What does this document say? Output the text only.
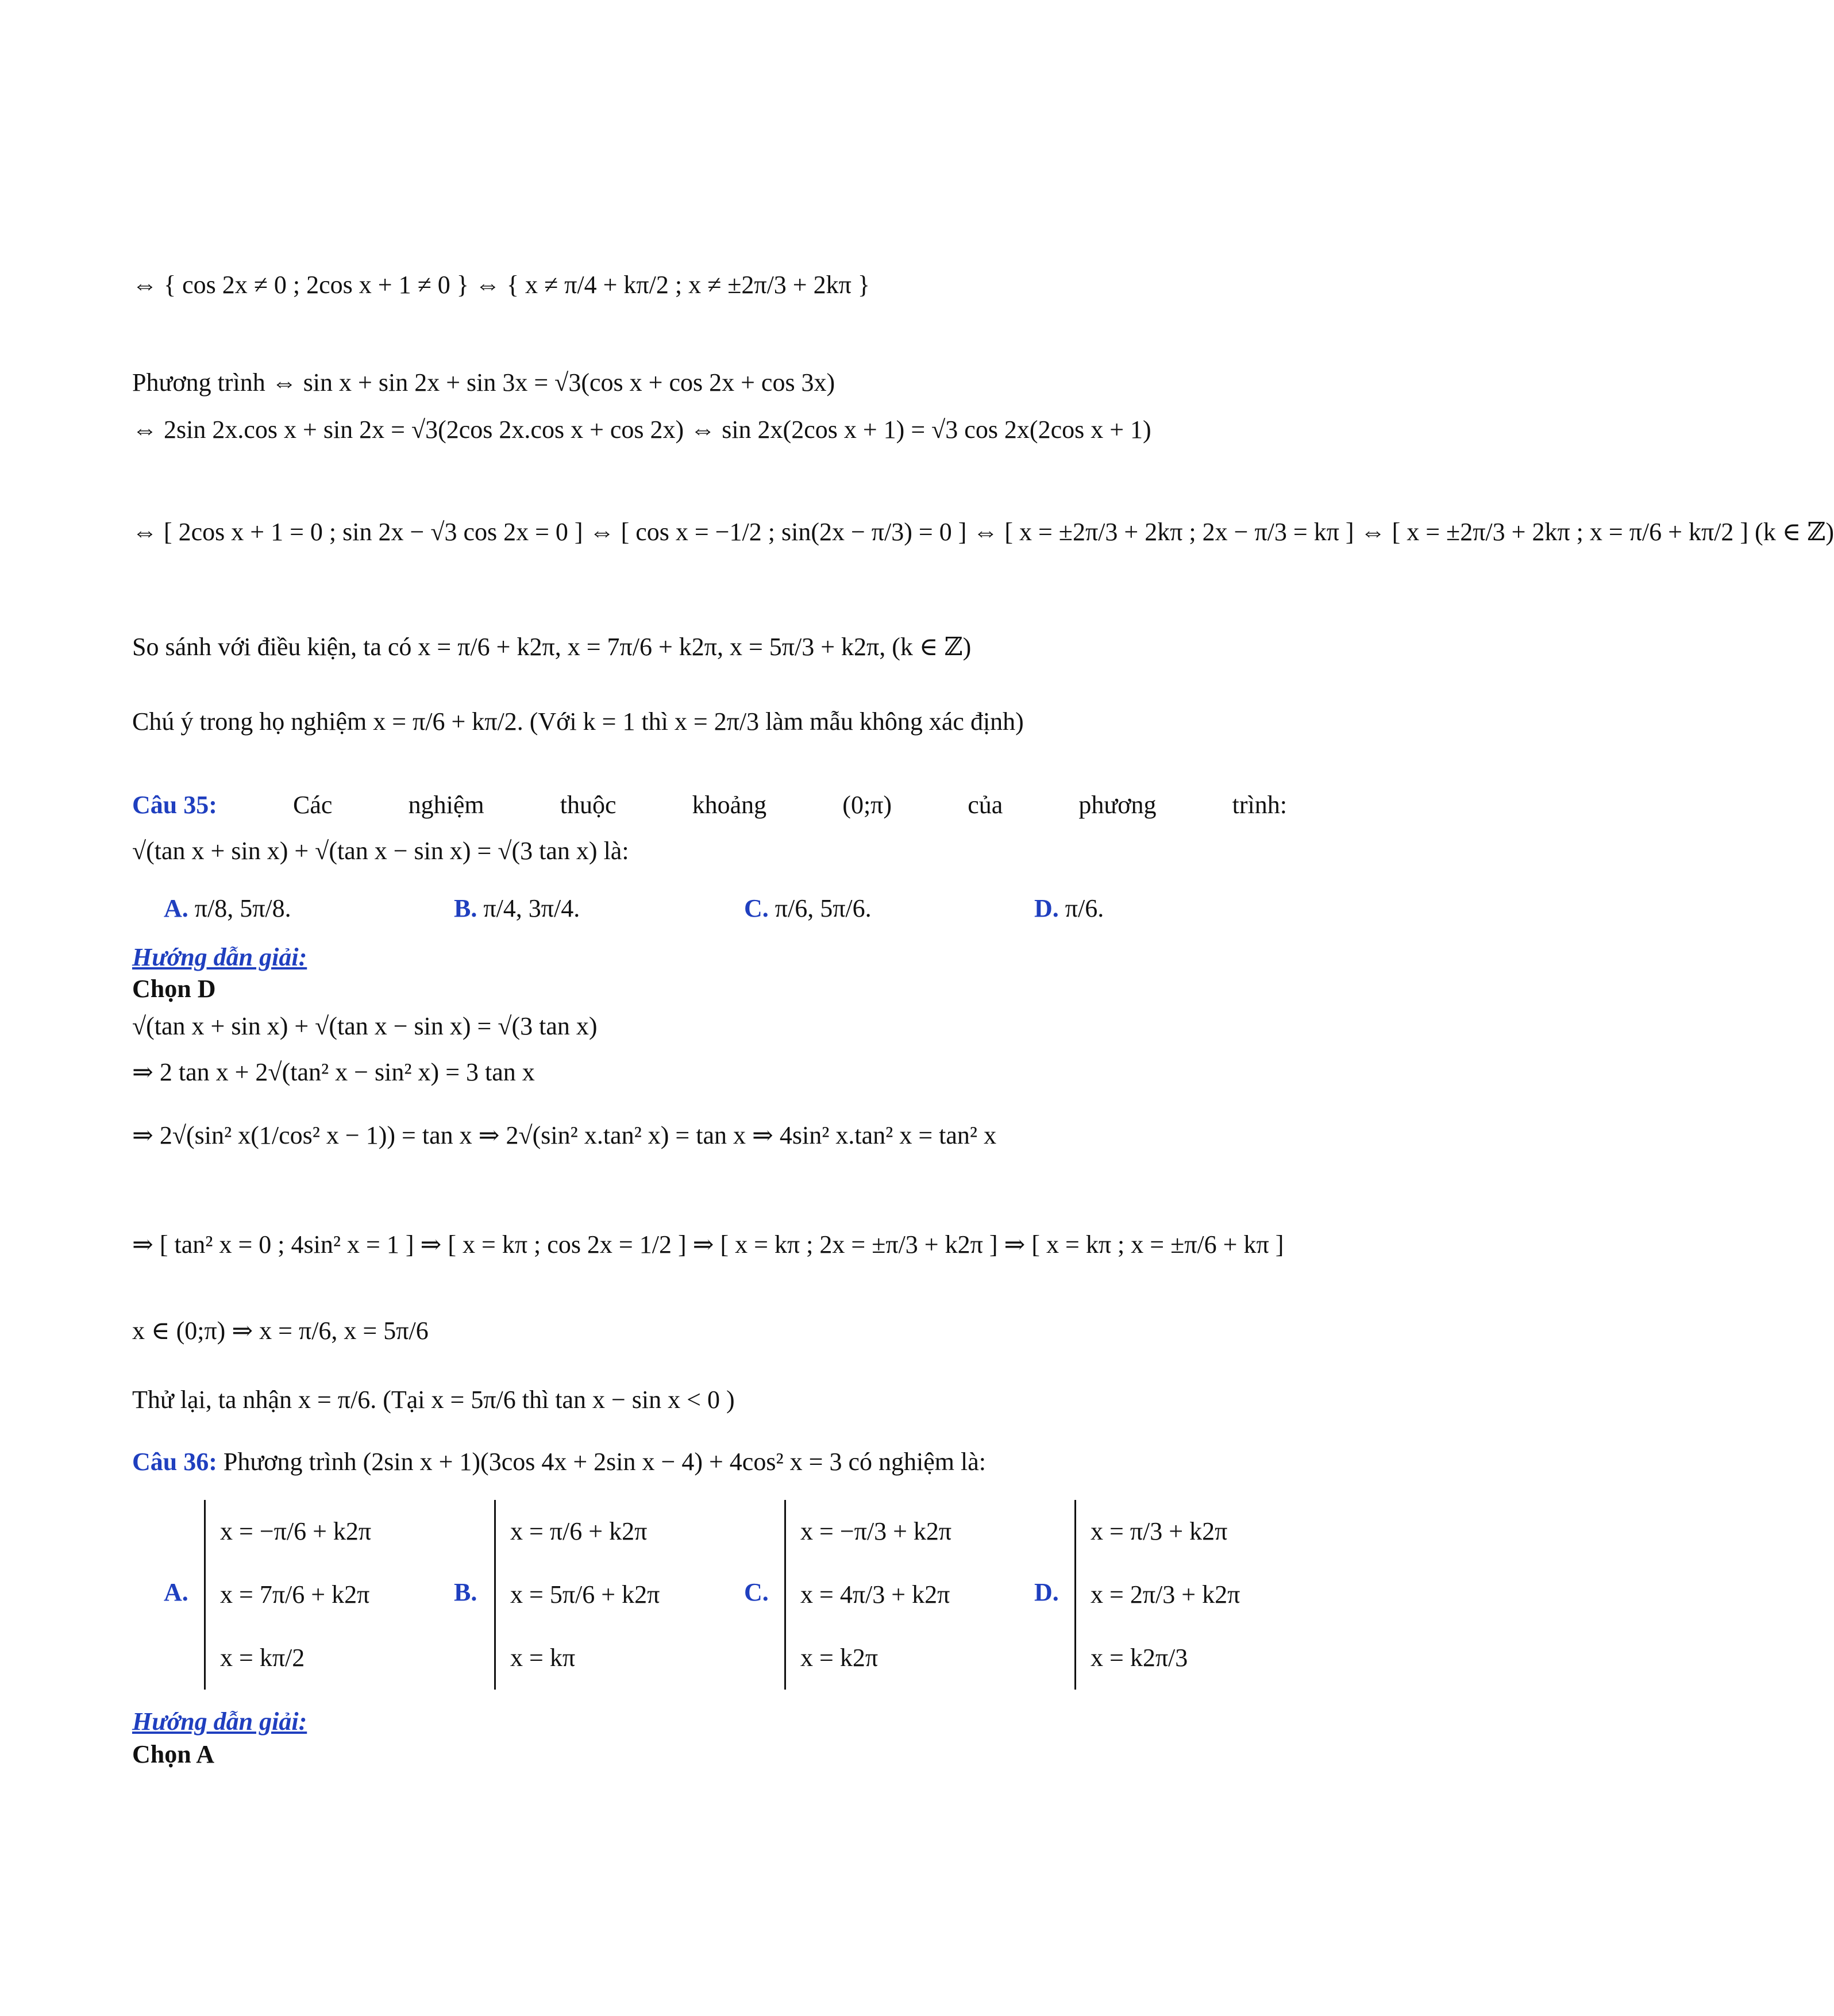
⇔ { cos 2x ≠ 0 ; 2cos x + 1 ≠ 0 } ⇔ { x ≠ π/4 + kπ/2 ; x ≠ ±2π/3 + 2kπ }
Phương trình ⇔ sin x + sin 2x + sin 3x = √3(cos x + cos 2x + cos 3x)
⇔ 2sin 2x.cos x + sin 2x = √3(2cos 2x.cos x + cos 2x) ⇔ sin 2x(2cos x + 1) = √3 cos 2x(2cos x + 1)
⇔ [ 2cos x + 1 = 0 ; sin 2x − √3 cos 2x = 0 ] ⇔ [ cos x = −1/2 ; sin(2x − π/3) = 0 ] ⇔ [ x = ±2π/3 + 2kπ ; 2x − π/3 = kπ ] ⇔ [ x = ±2π/3 + 2kπ ; x = π/6 + kπ/2 ] (k ∈ ℤ)
So sánh với điều kiện, ta có x = π/6 + k2π, x = 7π/6 + k2π, x = 5π/3 + k2π, (k ∈ ℤ)
Chú ý trong họ nghiệm x = π/6 + kπ/2. (Với k = 1 thì x = 2π/3 làm mẫu không xác định)
Câu 35:	Các	nghiệm	thuộc	khoảng	(0;π)	của	phương	trình:
√(tan x + sin x) + √(tan x − sin x) = √(3 tan x) là:
A. π/8, 5π/8.	B. π/4, 3π/4.	C. π/6, 5π/6.	D. π/6.
Hướng dẫn giải:
Chọn D
√(tan x + sin x) + √(tan x − sin x) = √(3 tan x)
⇒ 2 tan x + 2√(tan² x − sin² x) = 3 tan x
⇒ 2√(sin² x(1/cos² x − 1)) = tan x ⇒ 2√(sin² x.tan² x) = tan x ⇒ 4sin² x.tan² x = tan² x
⇒ [ tan² x = 0 ; 4sin² x = 1 ] ⇒ [ x = kπ ; cos 2x = 1/2 ] ⇒ [ x = kπ ; 2x = ±π/3 + k2π ] ⇒ [ x = kπ ; x = ±π/6 + kπ ]
x ∈ (0;π) ⇒ x = π/6, x = 5π/6
Thử lại, ta nhận x = π/6. (Tại x = 5π/6 thì tan x − sin x < 0 )
Câu 36: Phương trình (2sin x + 1)(3cos 4x + 2sin x − 4) + 4cos² x = 3 có nghiệm là:
A.
x = −π/6 + k2π
x = 7π/6 + k2π
x = kπ/2
B.
x = π/6 + k2π
x = 5π/6 + k2π
x = kπ
C.
x = −π/3 + k2π
x = 4π/3 + k2π
x = k2π
D.
x = π/3 + k2π
x = 2π/3 + k2π
x = k2π/3
Hướng dẫn giải:
Chọn A
